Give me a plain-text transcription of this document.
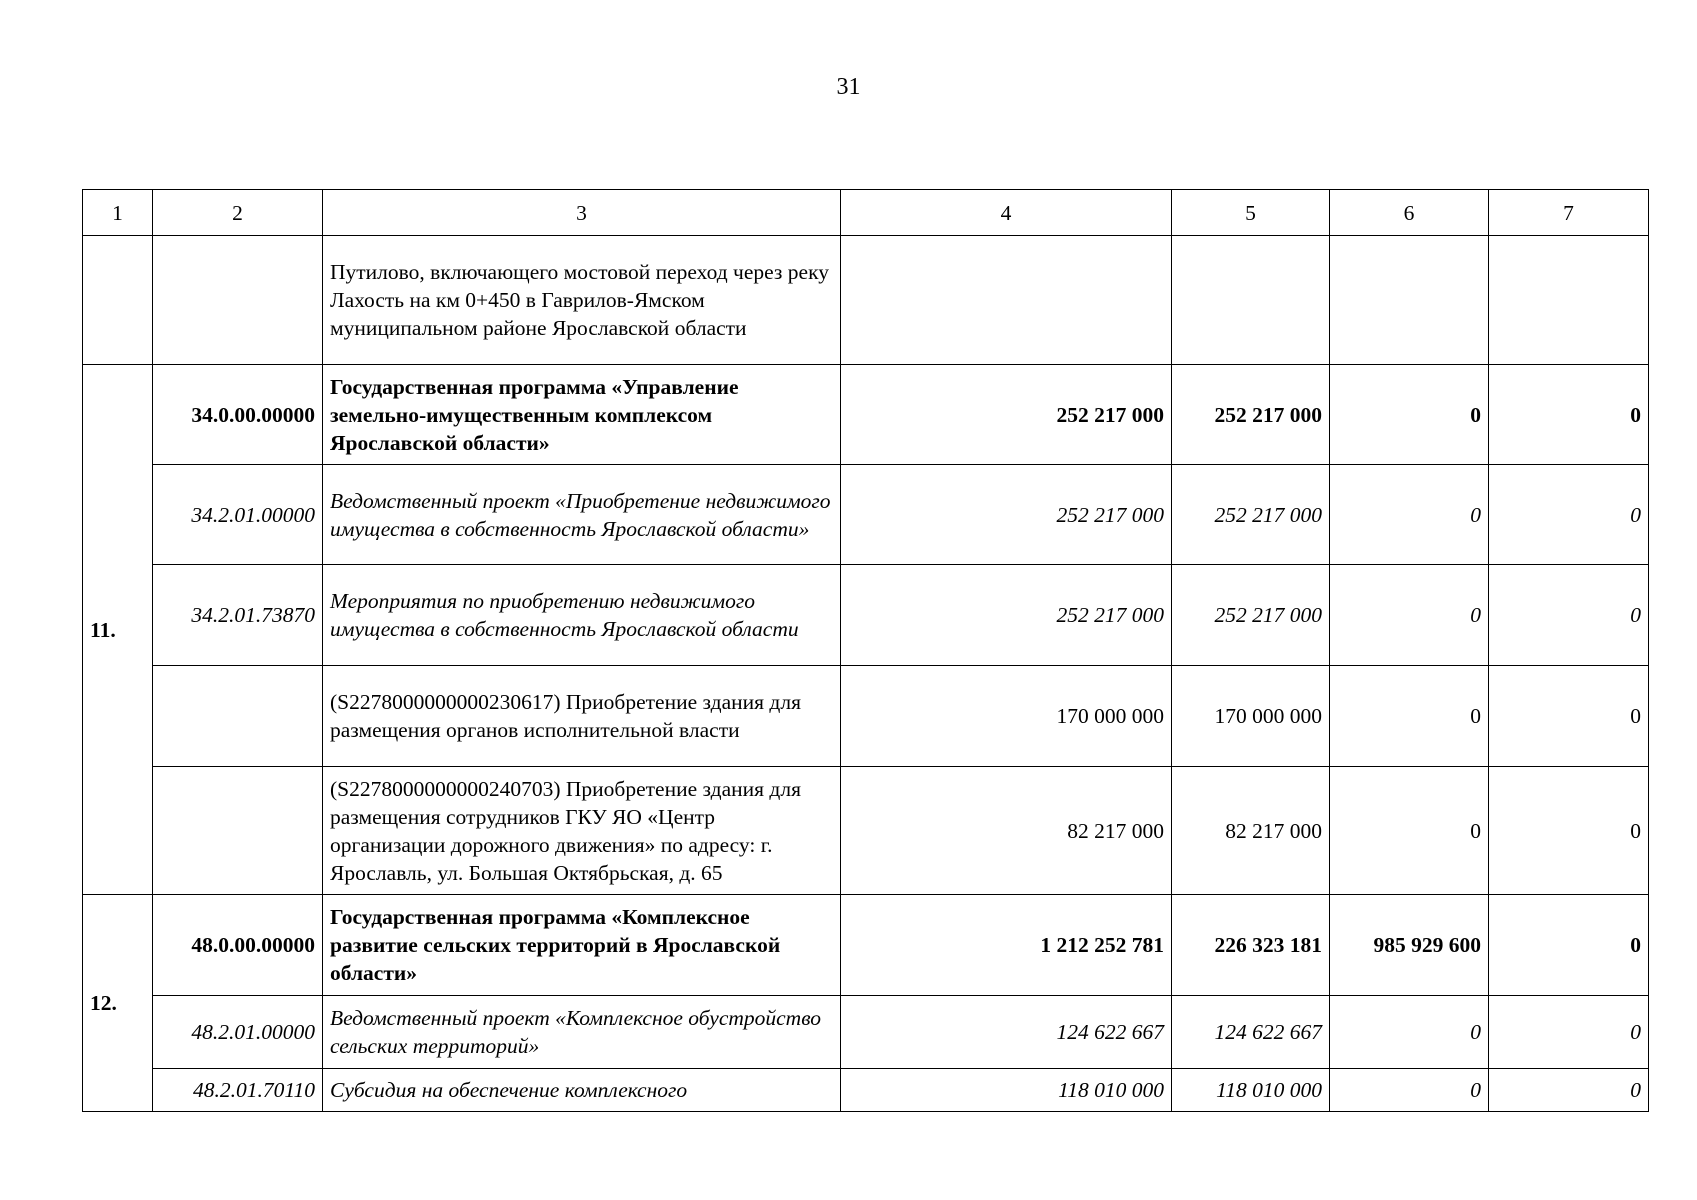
31
1	2	3	4	5	6	7
		Путилово, включающего мостовой переход через реку Лахость на км 0+450 в Гаврилов-Ямском муниципальном районе Ярославской области				
11.	34.0.00.00000	Государственная программа «Управление земельно-имущественным комплексом Ярославской области»	252 217 000	252 217 000	0	0
	34.2.01.00000	Ведомственный проект «Приобретение недвижимого имущества в собственность Ярославской области»	252 217 000	252 217 000	0	0
	34.2.01.73870	Мероприятия по приобретению недвижимого имущества в собственность Ярославской области	252 217 000	252 217 000	0	0
		(S2278000000000230617) Приобретение здания для размещения органов исполнительной власти	170 000 000	170 000 000	0	0
		(S2278000000000240703) Приобретение здания для размещения сотрудников ГКУ ЯО «Центр организации дорожного движения» по адресу: г. Ярославль, ул. Большая Октябрьская, д. 65	82 217 000	82 217 000	0	0
12.	48.0.00.00000	Государственная программа «Комплексное развитие сельских территорий в Ярославской области»	1 212 252 781	226 323 181	985 929 600	0
	48.2.01.00000	Ведомственный проект «Комплексное обустройство сельских территорий»	124 622 667	124 622 667	0	0
	48.2.01.70110	Субсидия на обеспечение комплексного	118 010 000	118 010 000	0	0
